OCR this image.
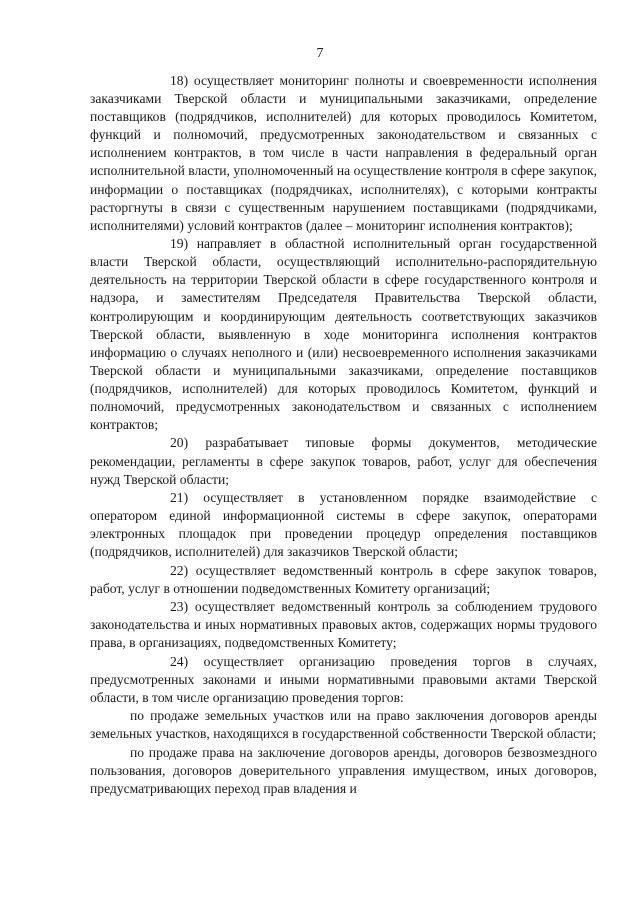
7

18) осуществляет мониторинг полноты и своевременности исполнения заказчиками Тверской области и муниципальными заказчиками, определение поставщиков (подрядчиков, исполнителей) для которых проводилось Комитетом, функций и полномочий, предусмотренных законодательством и связанных с исполнением контрактов, в том числе в части направления в федеральный орган исполнительной власти, уполномоченный на осуществление контроля в сфере закупок, информации о поставщиках (подрядчиках, исполнителях), с которыми контракты расторгнуты в связи с существенным нарушением поставщиками (подрядчиками, исполнителями) условий контрактов (далее – мониторинг исполнения контрактов);

19) направляет в областной исполнительный орган государственной власти Тверской области, осуществляющий исполнительно-распорядительную деятельность на территории Тверской области в сфере государственного контроля и надзора, и заместителям Председателя Правительства Тверской области, контролирующим и координирующим деятельность соответствующих заказчиков Тверской области, выявленную в ходе мониторинга исполнения контрактов информацию о случаях неполного и (или) несвоевременного исполнения заказчиками Тверской области и муниципальными заказчиками, определение поставщиков (подрядчиков, исполнителей) для которых проводилось Комитетом, функций и полномочий, предусмотренных законодательством и связанных с исполнением контрактов;

20) разрабатывает типовые формы документов, методические рекомендации, регламенты в сфере закупок товаров, работ, услуг для обеспечения нужд Тверской области;

21) осуществляет в установленном порядке взаимодействие с оператором единой информационной системы в сфере закупок, операторами электронных площадок при проведении процедур определения поставщиков (подрядчиков, исполнителей) для заказчиков Тверской области;

22) осуществляет ведомственный контроль в сфере закупок товаров, работ, услуг в отношении подведомственных Комитету организаций;

23) осуществляет ведомственный контроль за соблюдением трудового законодательства и иных нормативных правовых актов, содержащих нормы трудового права, в организациях, подведомственных Комитету;

24) осуществляет организацию проведения торгов в случаях, предусмотренных законами и иными нормативными правовыми актами Тверской области, в том числе организацию проведения торгов:

по продаже земельных участков или на право заключения договоров аренды земельных участков, находящихся в государственной собственности Тверской области;

по продаже права на заключение договоров аренды, договоров безвозмездного пользования, договоров доверительного управления имуществом, иных договоров, предусматривающих переход прав владения и
